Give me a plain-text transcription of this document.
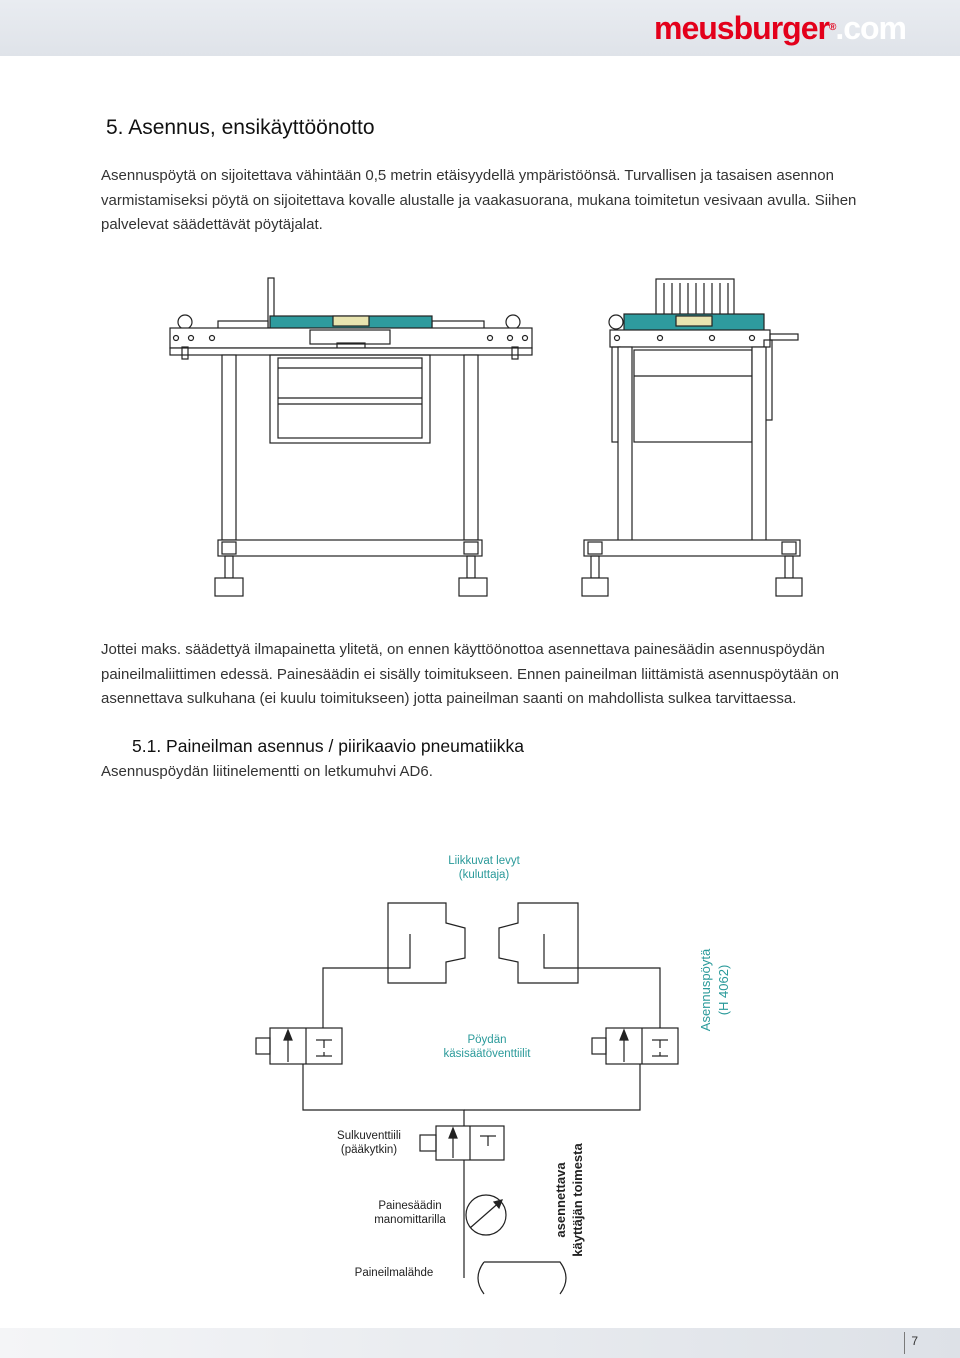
meusburger®.com
5. Asennus, ensikäyttöönotto

Asennuspöytä on sijoitettava vähintään 0,5 metrin etäisyydellä ympäristöönsä. Turvallisen ja tasaisen asennon varmistamiseksi pöytä on sijoitettava kovalle alustalle ja vaakasuorana, mukana toimitetun vesivaan avulla. Siihen palvelevat säädettävät pöytäjalat.

Jottei maks. säädettyä ilmapainetta ylitetä, on ennen käyttöönottoa asennettava painesäädin asennuspöydän paineilmaliittimen edessä. Painesäädin ei sisälly toimitukseen. Ennen paineilman liittämistä asennuspöytään on asennettava sulkuhana (ei kuulu toimitukseen) jotta paineilman saanti on mahdollista sulkea tarvittaessa.

5.1. Paineilman asennus / piirikaavio pneumatiikka

Asennuspöydän liitinelementti on letkumuhvi AD6.

Liikkuvat levyt
(kuluttaja)
Pöydän
käsisäätöventtiilit
Asennuspöytä (H 4062)
Sulkuventtiili
(pääkytkin)
Painesäädin
manomittarilla
Paineilmalähde
asennettava käyttäjän toimesta
7
